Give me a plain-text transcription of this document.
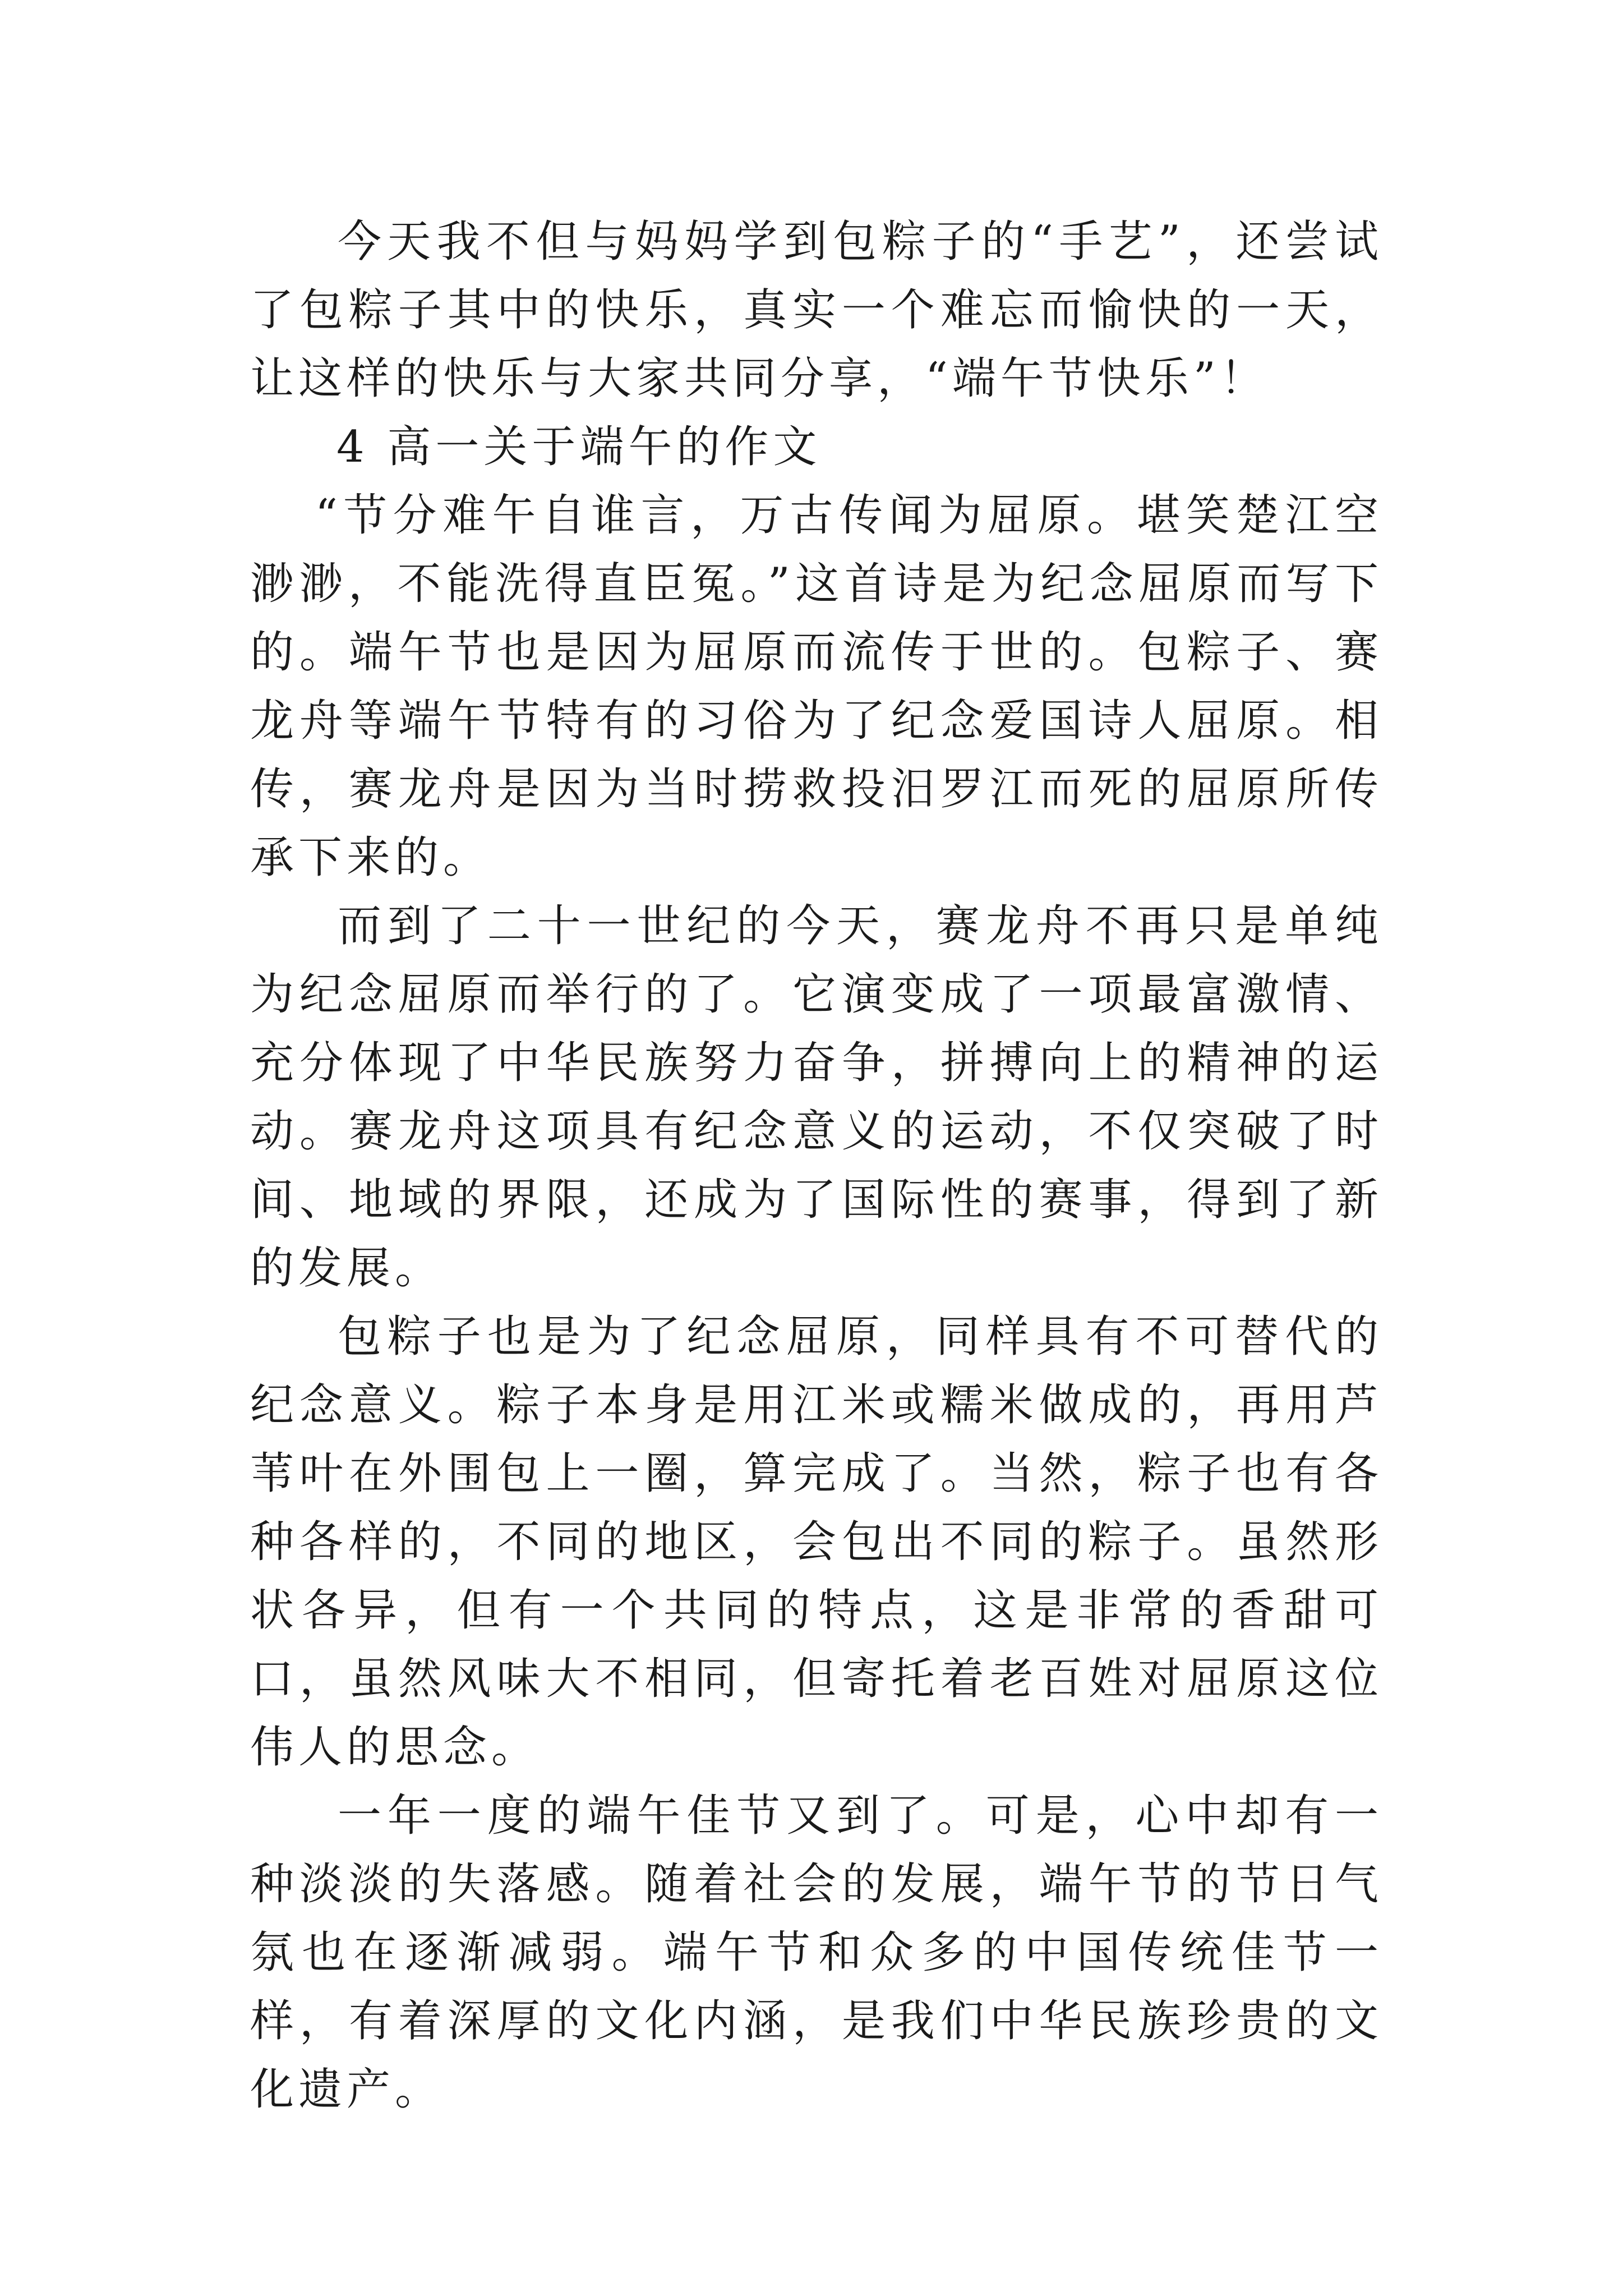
今天我不但与妈妈学到包粽子的“手艺”，还尝试了包粽子其中的快乐，真实一个难忘而愉快的一天，让这样的快乐与大家共同分享，“端午节快乐”！

4 高一关于端午的作文

“节分难午自谁言，万古传闻为屈原。堪笑楚江空渺渺，不能洗得直臣冤。”这首诗是为纪念屈原而写下的。端午节也是因为屈原而流传于世的。包粽子、赛龙舟等端午节特有的习俗为了纪念爱国诗人屈原。相传，赛龙舟是因为当时捞救投汨罗江而死的屈原所传承下来的。

而到了二十一世纪的今天，赛龙舟不再只是单纯为纪念屈原而举行的了。它演变成了一项最富激情、充分体现了中华民族努力奋争，拼搏向上的精神的运动。赛龙舟这项具有纪念意义的运动，不仅突破了时间、地域的界限，还成为了国际性的赛事，得到了新的发展。

包粽子也是为了纪念屈原，同样具有不可替代的纪念意义。粽子本身是用江米或糯米做成的，再用芦苇叶在外围包上一圈，算完成了。当然，粽子也有各种各样的，不同的地区，会包出不同的粽子。虽然形状各异，但有一个共同的特点，这是非常的香甜可口，虽然风味大不相同，但寄托着老百姓对屈原这位伟人的思念。

一年一度的端午佳节又到了。可是，心中却有一种淡淡的失落感。随着社会的发展，端午节的节日气氛也在逐渐减弱。端午节和众多的中国传统佳节一样，有着深厚的文化内涵，是我们中华民族珍贵的文化遗产。
